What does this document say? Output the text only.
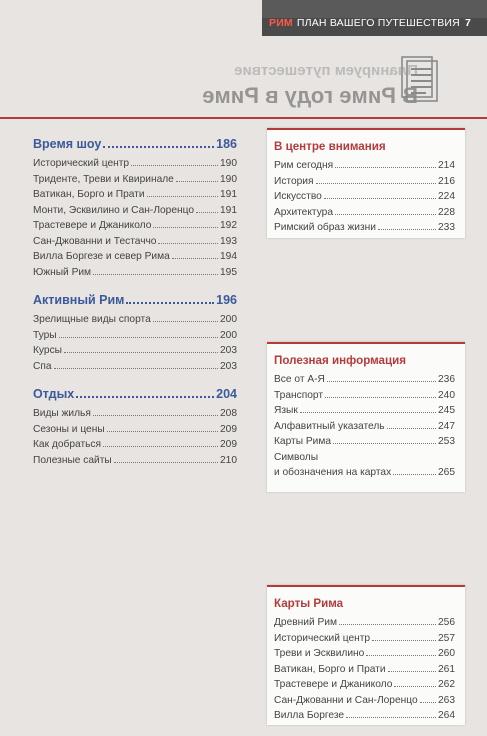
РИМ ПЛАН ВАШЕГО ПУТЕШЕСТВИЯ 7
Планируем путешествие
В Риме году в Риме
Время шоу	186
Исторический центр	190
Триденте, Треви и Квиринале	190
Ватикан, Борго и Прати	191
Монти, Эсквилино и Сан-Лоренцо	191
Трастевере и Джаниколо	192
Сан-Джованни и Тестаччо	193
Вилла Боргезе и север Рима	194
Южный Рим	195
Активный Рим	196
Зрелищные виды спорта	200
Туры	200
Курсы	203
Спа	203
Отдых	204
Виды жилья	208
Сезоны и цены	209
Как добраться	209
Полезные сайты	210
В центре внимания
Рим сегодня	214
История	216
Искусство	224
Архитектура	228
Римский образ жизни	233
Полезная информация
Все от А-Я	236
Транспорт	240
Язык	245
Алфавитный указатель	247
Карты Рима	253
Символы
и обозначения на картах	265
Карты Рима
Древний Рим	256
Исторический центр	257
Треви и Эсквилино	260
Ватикан, Борго и Прати	261
Трастевере и Джаниколо	262
Сан-Джованни и Сан-Лоренцо 263
Вилла Боргезе	264
